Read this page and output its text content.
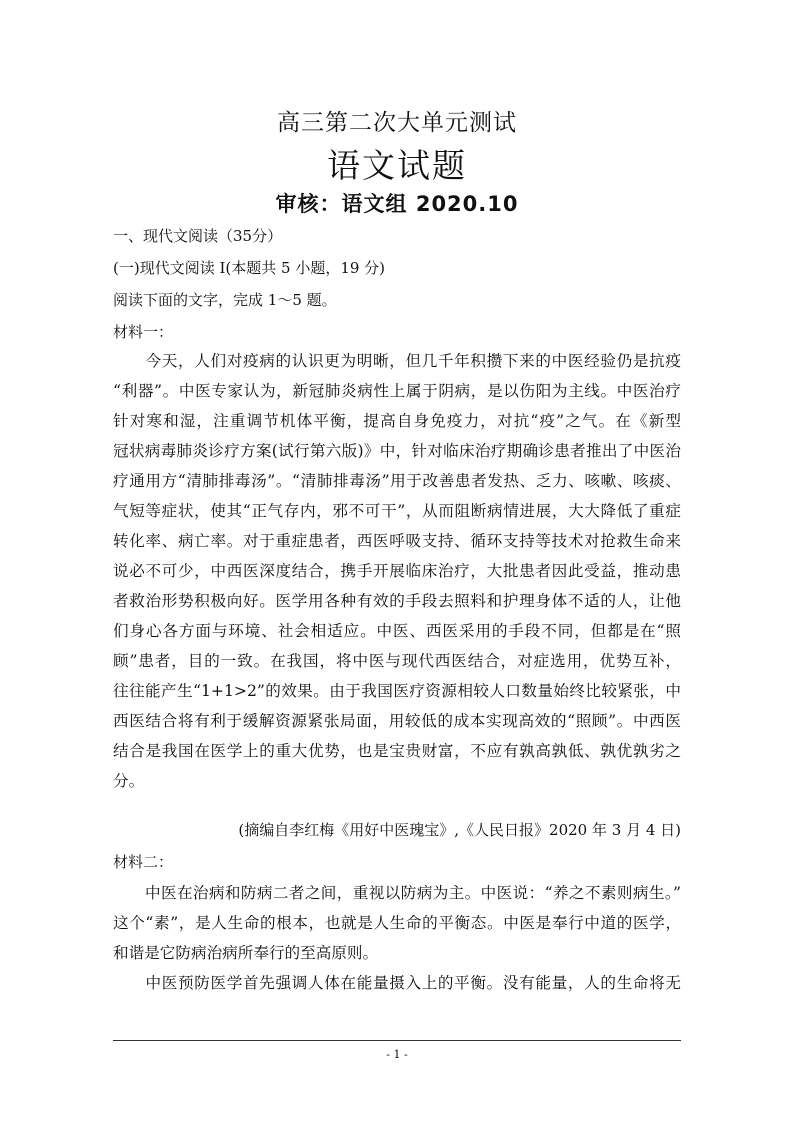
高三第二次大单元测试
语文试题
审核：语文组 2020.10
一、现代文阅读（35分）
(一)现代文阅读 I(本题共 5 小题，19 分)
阅读下面的文字，完成 1～5 题。
材料一：
　　今天，人们对疫病的认识更为明晰，但几千年积攒下来的中医经验仍是抗疫
“利器”。中医专家认为，新冠肺炎病性上属于阴病，是以伤阳为主线。中医治疗
针对寒和湿，注重调节机体平衡，提高自身免疫力，对抗“疫”之气。在《新型
冠状病毒肺炎诊疗方案(试行第六版)》中，针对临床治疗期确诊患者推出了中医治
疗通用方“清肺排毒汤”。“清肺排毒汤”用于改善患者发热、乏力、咳嗽、咳痰、
气短等症状，使其“正气存内，邪不可干”，从而阻断病情进展，大大降低了重症
转化率、病亡率。对于重症患者，西医呼吸支持、循环支持等技术对抢救生命来
说必不可少，中西医深度结合，携手开展临床治疗，大批患者因此受益，推动患
者救治形势积极向好。医学用各种有效的手段去照料和护理身体不适的人，让他
们身心各方面与环境、社会相适应。中医、西医采用的手段不同，但都是在“照
顾”患者，目的一致。在我国，将中医与现代西医结合，对症选用，优势互补，
往往能产生“1+1>2”的效果。由于我国医疗资源相较人口数量始终比较紧张，中
西医结合将有利于缓解资源紧张局面，用较低的成本实现高效的“照顾”。中西医
结合是我国在医学上的重大优势，也是宝贵财富，不应有孰高孰低、孰优孰劣之
分。
(摘编自李红梅《用好中医瑰宝》,《人民日报》2020 年 3 月 4 日)
材料二：
　　中医在治病和防病二者之间，重视以防病为主。中医说：“养之不素则病生。”
这个“素”，是人生命的根本，也就是人生命的平衡态。中医是奉行中道的医学，
和谐是它防病治病所奉行的至高原则。
　　中医预防医学首先强调人体在能量摄入上的平衡。没有能量，人的生命将无
- 1 -
